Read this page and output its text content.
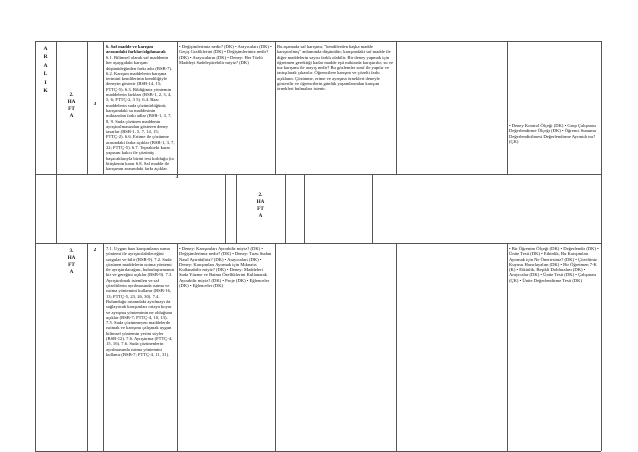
A
R
A
L
I
K
2.
HA
FT
A
3
6. Saf madde ve karışım arasındaki farklar/algılanacak
6.1. Bilimsel olarak saf maddenin her aşaygıdaki karışım düşünüdeğinden farkı adır (BSB-7). 6.2. Karışım maddelerin karışma terimini kendilerinin kendiliğiyle deneyin gösterir (BSB-14, 15; FTTÇ-5). 6.3. Bildiğimiz yöntemin maddelerin farkları (BSB-1, 2, 3, 4, 5, 6; FTTÇ-2, 3 5). 6.4. Bazı maddelerin suda çözünürlüğünü; karışımdaki su maddesinin miktarıdan farkı adlar (BSB-1, 3, 7, 8, 9. Suda çözünen maddenin ayrıştırılmasından gösteren deney tasarlar (BSB-1, 5, 7, 14, 15; FTTÇ-2). 6.6. Ertime ile çözünme arasındaki farka açıklar (BSB-1, 3, 7, 22; FTTÇ-5). 6.7. Teprakteki karar yapısını kalıcı ile çözünüş başacaklarıyla birini test kırlduğu (ia bitişkenin karar 6.8. Saf madde ile karışımın arasındaki farkı açıklar.
• Değişimlerimiz nedir? (DK) • Arayıcaları (DK) • Geçiş Grafiklerini (DK) • Değişimlerimiz nedir? (DK) • Arayıcaların (DK) • Deney: Her Türlü Maddeyi Sadeleştirebilir miyiz? (DK)
Bu aşamada saf karışımı, "kendilerden başka madde karıştırılmış" anlamında düşünülür; karışımdaki saf madde ile diğer maddelerin sayısı farklı olabilir. Bir deney yapmak için öğretmen gerektiği kadar madde eşit miktarda karıştırılır; su ve tuz karışımı ile arayış nedir? Bu gözlemler sınıf ile yapılır ve tartışılarak çıkarılır. Öğrencilere karışım ve çözelti farkı açıklanır. Çözünme, erime ve ayrışma örnekleri deneyle gösterilir ve öğrencilerin günlük yaşamlarından karışım örnekleri bulmaları istenir.
• Deney Kontrol Ölçeği (DK) • Grup Çalışması Değerlendirme Ölçeği (DK) • Öğrenci Sunumu Değerlendirilmesi Değerlendirme Ayrıntılı mı? (ÇK)
2.
HA
FT
A
3
3.
HA
FT
A
2	7.1. Uygun bazı karışımların ısıma yöntemi ile ayrıştırılabileceğini sorgular ve bilir (BSB-9). 7.2. Suda çözünen maddelerin ısıtma yöntemi ile ayrıştırılacağını, buharlaştırmanın bir ve gereğini açıklar (BSB-9). 7.3. Ayrıştırılmak istenilen ve saf çözeltilerin ayrılmasında ısıtma ve ısıtma yöntemini kullanır (BSB-16, 13; FTTÇ-5, 23, 26, 30). 7.4. Bulunduğu ortamdaki ayrılmayı da sağlayacak karışımları ortaya koyar ve ayrışma yönteminin ne olduğunu açıklar (BSB-7; FTTÇ-4, 10, 13). 7.5. Suda çözünmeyen maddelerde ısıtmak ve karışımı çalışmak uygun bilimsel yöntemin yerini söyler (BSB-12). 7.6. Ayrıştırma (FTTÇ-4, 15, 16). 7.6. Suda çözünenlerin ayrılmasında ısıtma yöntemini kullanır (BSB-7; FTTÇ-4, 11, 31).
• Deney: Karışımları Ayırabilir miyiz? (DK) • Değişimlerimiz nedir? (DK) • Deney: Tuzu Sudan Nasıl Ayırabiliriz? (DK) • Arayıcaları (DK) • Deney: Karışımları Ayırmak için Mıknatıs Kullanabilir miyiz? (DK) • Deney: Maddeleri Suda Yüzme ve Batma Özelliklerini Kullanarak Ayırabilir miyiz? (DK) • Proje (DK) • Eğlenceler (DK) • Eğlenceler (DK)
• Bir Öğrenim Ölçeği (DK) • Değerlendir (DK) • Ünite Testi (DK) • Etkinlik, Bu Karışımları Ayırmak için Ne Önerirsiniz? (DK) • Çözeltiniz Kuyusu Hazırlayalım (DK) • Bir Öğretmen 7-K (K) • Etkinlik, Beşikli Dolduralım (DK) • Arayıcalar (DK) • Ünite Testi (DK) • Çalışması (ÇK) • Ünite Değerlendirme Testi (DK)
